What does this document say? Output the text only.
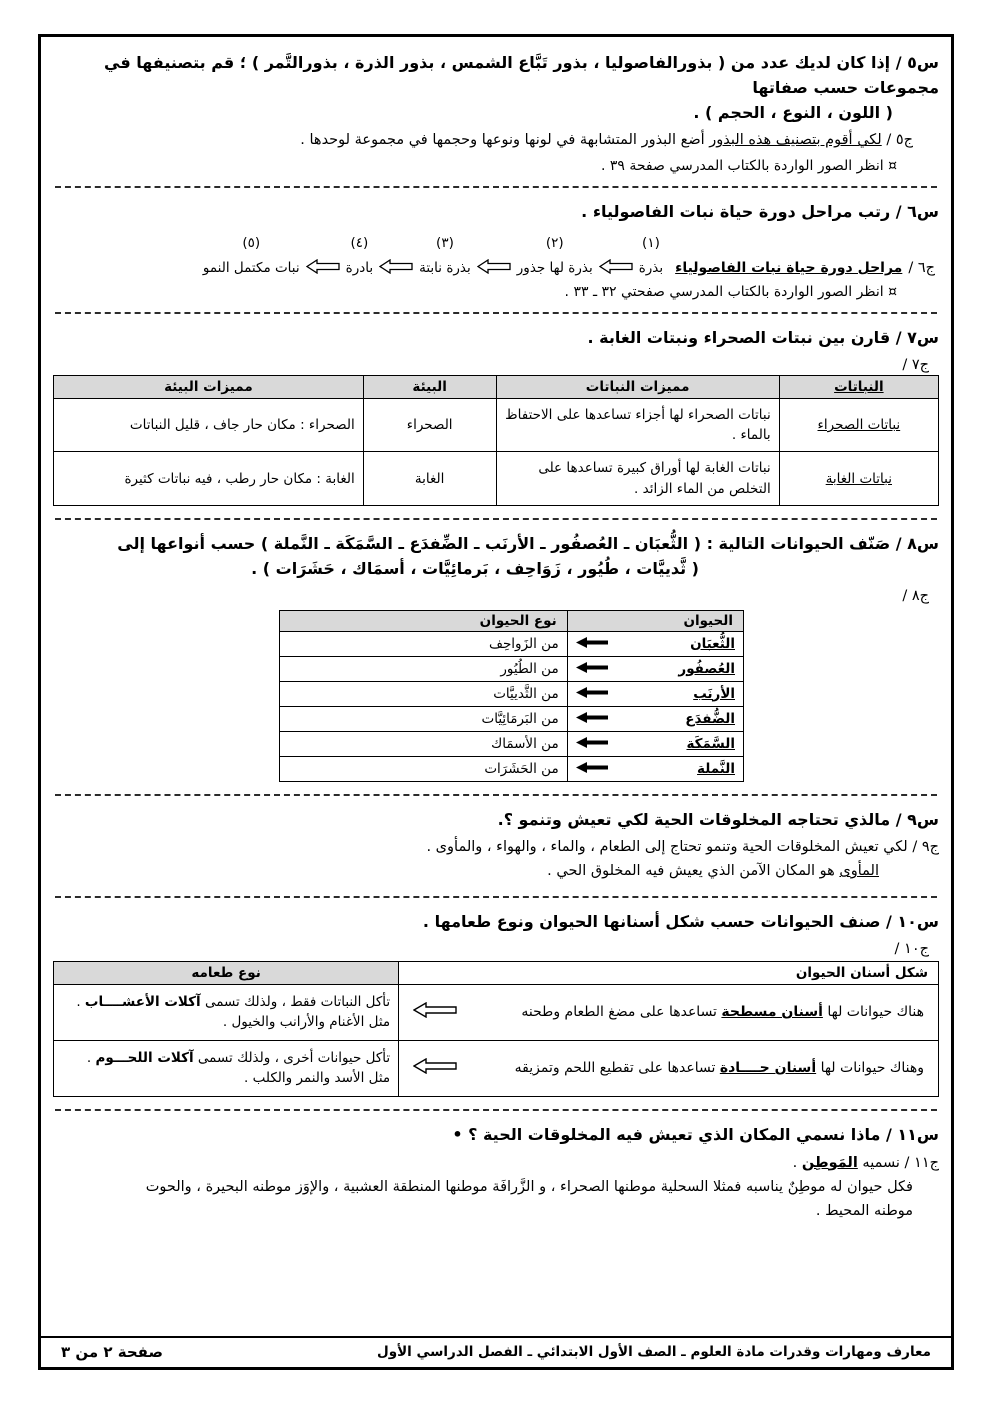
س٥ / إذا كان لديك عدد من ( بذورالفاصوليا ، بذور تَبَّاع الشمس ، بذور الذرة ، بذورالتَّمر ) ؛ قم بتصنيفها في مجموعات حسب صفاتها
( اللون ، النوع ، الحجم ) .
ج٥ / لكي أقوم بتصنيف هذه البذور أضع البذور المتشابهة في لونها ونوعها وحجمها في مجموعة لوحدها .
¤ انظر الصور الواردة بالكتاب المدرسي صفحة ٣٩ .
س٦ / رتب مراحل دورة حياة نبات الفاصولياء .
ج٦ /
مراحل دورة حياة نبات الفاصولياء
(١)
بذرة
(٢)
بذرة لها جذور
(٣)
بذرة نابتة
(٤)
بادرة
(٥)
نبات مكتمل النمو
¤ انظر الصور الواردة بالكتاب المدرسي صفحتي ٣٢ ـ ٣٣ .
س٧ / قارن بين نبتات الصحراء ونبتات الغابة .
ج٧ /
النباتات	مميزات النباتات	البيئة	مميزات البيئة
نباتات الصحراء	نباتات الصحراء لها أجزاء تساعدها على الاحتفاظ بالماء .	الصحراء	الصحراء : مكان حار جاف ، قليل النباتات
نباتات الغابة	نباتات الغابة لها أوراق كبيرة تساعدها على التخلص من الماء الزائد .	الغابة	الغابة : مكان حار رطب ، فيه نباتات كثيرة
س٨ / صَنّف الحيوانات التالية : ( الثُّعبَان ـ العُصفُور ـ الأرنَب ـ الضِّفدَع ـ السَّمَكَة ـ النَّملة ) حسب أنواعها إلى
( ثَّدييَّات ، طُيُور ، زَوَاحِف ، بَرمائِيَّات ، أسمَاك ، حَشَرَات ) .
ج٨ /
الحيوان	نوع الحيوان

الثُّعبَان	من الزَواحِف

العُصفُور	من الطُيُور

الأرنَب	من الثَّدييَّات

الضُّفدَع	من البَرمَائِيَّات

السَّمَكَة	من الأسمَاك

النَّملة	من الحَشَرَات
س٩ / مالذي تحتاجه المخلوقات الحية لكي تعيش وتنمو ؟.
ج٩ / لكي تعيش المخلوقات الحية وتنمو تحتاج إلى الطعام ، والماء ، والهواء ، والمأوى .
المأوى هو المكان الآمن الذي يعيش فيه المخلوق الحي .
س١٠ / صنف الحيوانات حسب شكل أسنانها الحيوان ونوع طعامها .
ج١٠ /
شكل أسنان الحيوان	نوع طعامه

هناك حيوانات لها أسنان مسطحة تساعدها على مضغ الطعام وطحنه	تأكل النباتات فقط ، ولذلك تسمى آكلات الأعشــــاب . مثل الأغنام والأرانب والخيول .

وهناك حيوانات لها أسنان حــــادة تساعدها على تقطيع اللحم وتمزيقه	تأكل حيوانات أخرى ، ولذلك تسمى آكلات اللحـــوم . مثل الأسد والنمر والكلب .
س١١ / ماذا نسمي المكان الذي تعيش فيه المخلوقات الحية ؟ •
ج١١ / نسميه المَوطِن .
فكل حيوان له موطِنٌ يناسبه فمثلا السحلية موطنها الصحراء ، و الزَّرافَة موطنها المنطقة العشبية ، والإوَز موطنه البحيرة ، والحوت
موطنه المحيط .
معارف ومهارات وقدرات مادة العلوم ـ الصف الأول الابتدائي ـ الفصل الدراسي الأول
صفحة ٢ من ٣
